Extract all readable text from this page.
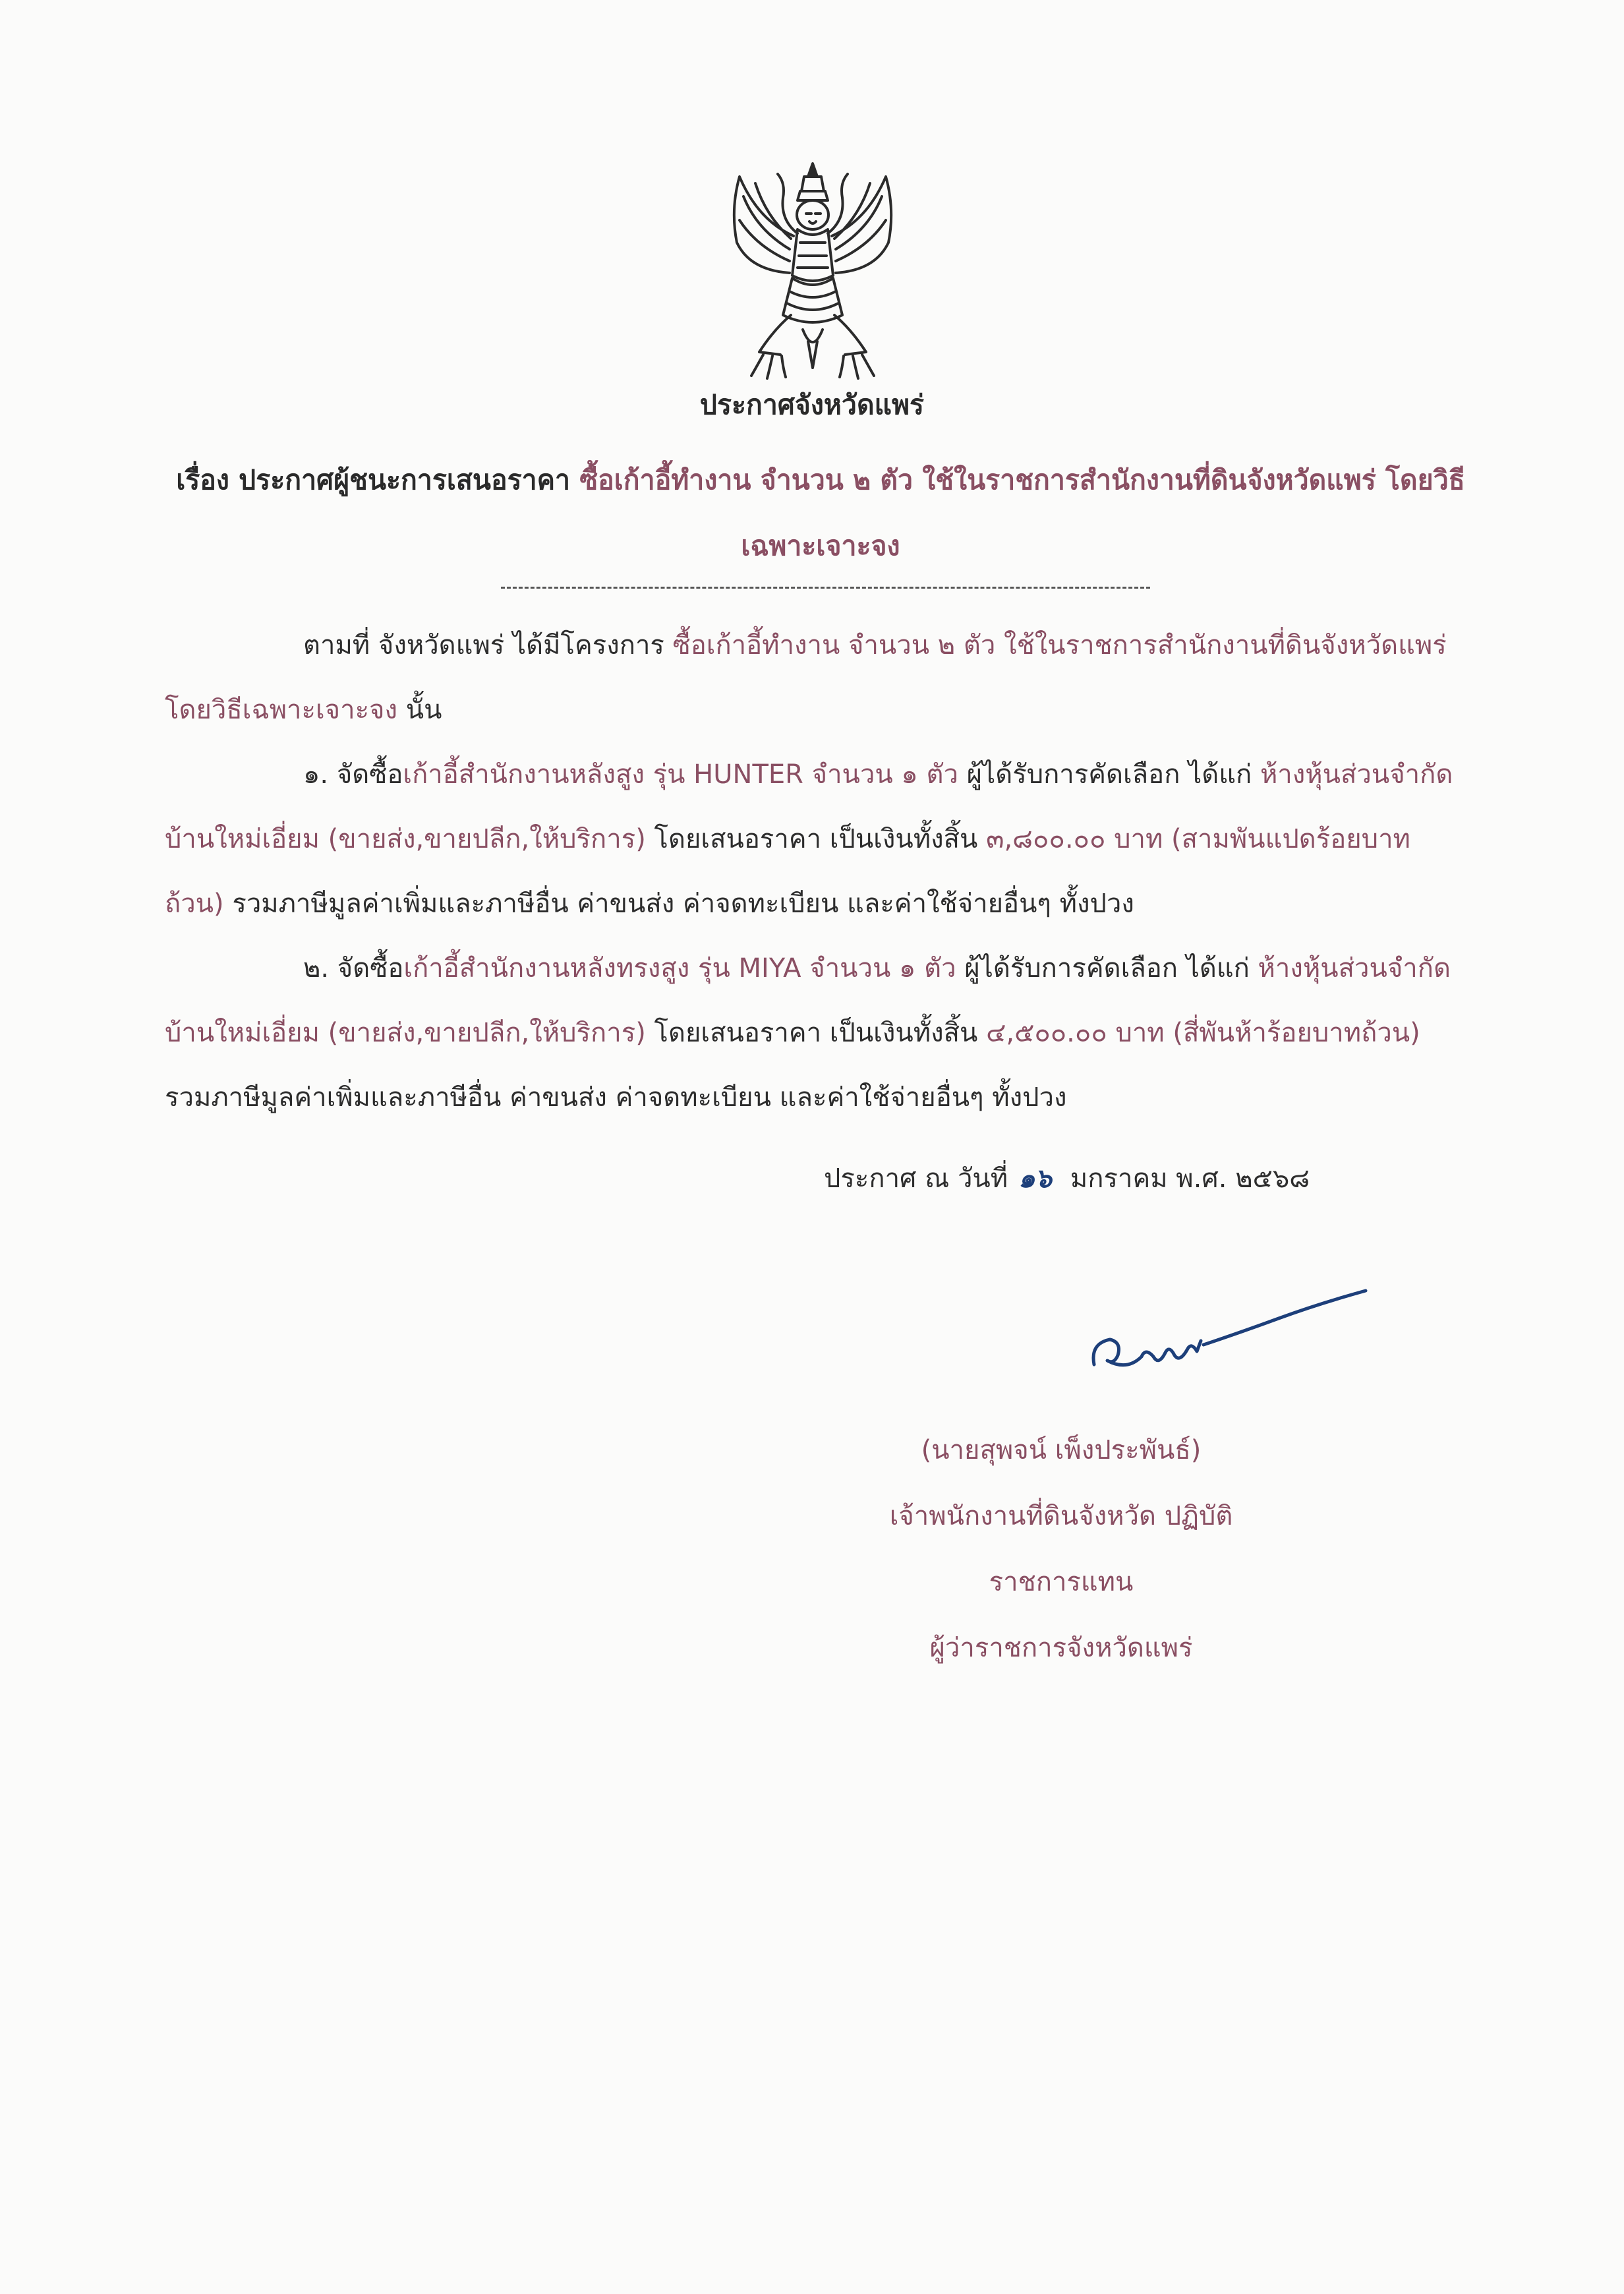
ประกาศจังหวัดแพร่
เรื่อง ประกาศผู้ชนะการเสนอราคา ซื้อเก้าอี้ทำงาน จำนวน ๒ ตัว ใช้ในราชการสำนักงานที่ดินจังหวัดแพร่ โดยวิธีเฉพาะเจาะจง

ตามที่ จังหวัดแพร่ ได้มีโครงการ ซื้อเก้าอี้ทำงาน จำนวน ๒ ตัว ใช้ในราชการสำนักงานที่ดินจังหวัดแพร่ โดยวิธีเฉพาะเจาะจง นั้น

๑. จัดซื้อเก้าอี้สำนักงานหลังสูง รุ่น HUNTER จำนวน ๑ ตัว ผู้ได้รับการคัดเลือก ได้แก่ ห้างหุ้นส่วนจำกัด บ้านใหม่เอี่ยม (ขายส่ง,ขายปลีก,ให้บริการ) โดยเสนอราคา เป็นเงินทั้งสิ้น ๓,๘๐๐.๐๐ บาท (สามพันแปดร้อยบาทถ้วน) รวมภาษีมูลค่าเพิ่มและภาษีอื่น ค่าขนส่ง ค่าจดทะเบียน และค่าใช้จ่ายอื่นๆ ทั้งปวง

๒. จัดซื้อเก้าอี้สำนักงานหลังทรงสูง รุ่น MIYA จำนวน ๑ ตัว ผู้ได้รับการคัดเลือก ได้แก่ ห้างหุ้นส่วนจำกัด บ้านใหม่เอี่ยม (ขายส่ง,ขายปลีก,ให้บริการ) โดยเสนอราคา เป็นเงินทั้งสิ้น ๔,๕๐๐.๐๐ บาท (สี่พันห้าร้อยบาทถ้วน) รวมภาษีมูลค่าเพิ่มและภาษีอื่น ค่าขนส่ง ค่าจดทะเบียน และค่าใช้จ่ายอื่นๆ ทั้งปวง

ประกาศ ณ วันที่ ๑๖ มกราคม พ.ศ. ๒๕๖๘
(นายสุพจน์ เพ็งประพันธ์)
เจ้าพนักงานที่ดินจังหวัด ปฏิบัติราชการแทน
ผู้ว่าราชการจังหวัดแพร่
